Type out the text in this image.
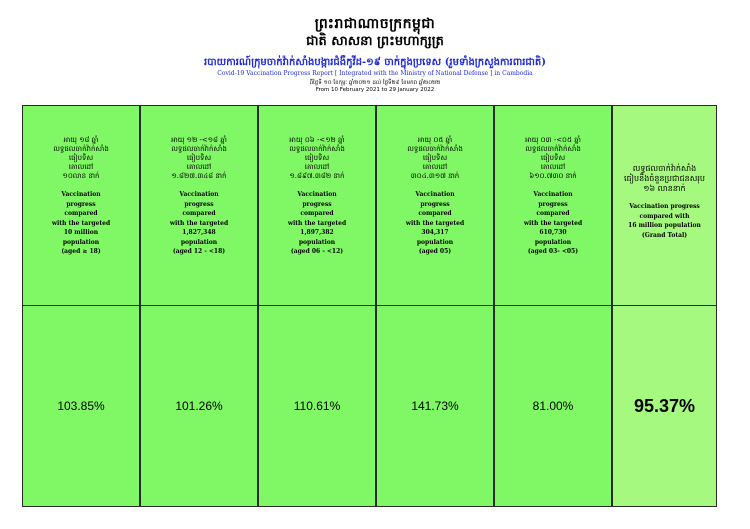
ព្រះរាជាណាចក្រកម្ពុជា
ជាតិ សាសនា ព្រះមហាក្សត្រ
របាយការណ៍ក្រុមចាក់វ៉ាក់សាំងបង្ការជំងឺកូវីដ-១៩ ចាក់ក្នុងប្រទេស (រួមទាំងក្រសួងការពារជាតិ)
Covid-19 Vaccination Progress Report [ Integrated with the Ministry of National Defense ] in Cambodia
ពីថ្ងៃទី ១០ ខែកុម្ភៈ ឆ្នាំ២០២១ ដល់ ថ្ងៃទី២៩ ខែមករា ឆ្នាំ២០២២
From 10 February 2021 to 29 January 2022
អាយុ ១៨ ឆ្នាំ
លទ្ធផលចាក់វ៉ាក់សាំង
ធៀបទិស
គោលដៅ
១០លាន នាក់
Vaccination
progress
compared
with the targeted
10 million
population
(aged ≥ 18)
103.85%
អាយុ ១២ -<១៨ ឆ្នាំ
លទ្ធផលចាក់វ៉ាក់សាំង
ធៀបទិស
គោលដៅ
១.៨២៧.៣៤៨ នាក់
Vaccination
progress
compared
with the targeted
1,827,348
population
(aged 12 - <18)
101.26%
អាយុ ០៦ -<១២ ឆ្នាំ
លទ្ធផលចាក់វ៉ាក់សាំង
ធៀបទិស
គោលដៅ
១.៨៩៧.៣៨២ នាក់
Vaccination
progress
compared
with the targeted
1,897,382
population
(aged 06 - <12)
110.61%
អាយុ ០៥ ឆ្នាំ
លទ្ធផលចាក់វ៉ាក់សាំង
ធៀបទិស
គោលដៅ
៣០៤.៣១៧ នាក់
Vaccination
progress
compared
with the targeted
304,317
population
(aged 05)
141.73%
អាយុ ០៣ -<០៥ ឆ្នាំ
លទ្ធផលចាក់វ៉ាក់សាំង
ធៀបទិស
គោលដៅ
៦១០.៧៣០ នាក់
Vaccination
progress
compared
with the targeted
610,730
population
(aged 03- <05)
81.00%
លទ្ធផលចាក់វ៉ាក់សាំង
ធៀបនឹងចំនួនប្រជាជនសរុប
១៦ លាននាក់
Vaccination progress
compared with
16 million population
(Grand Total)
95.37%
